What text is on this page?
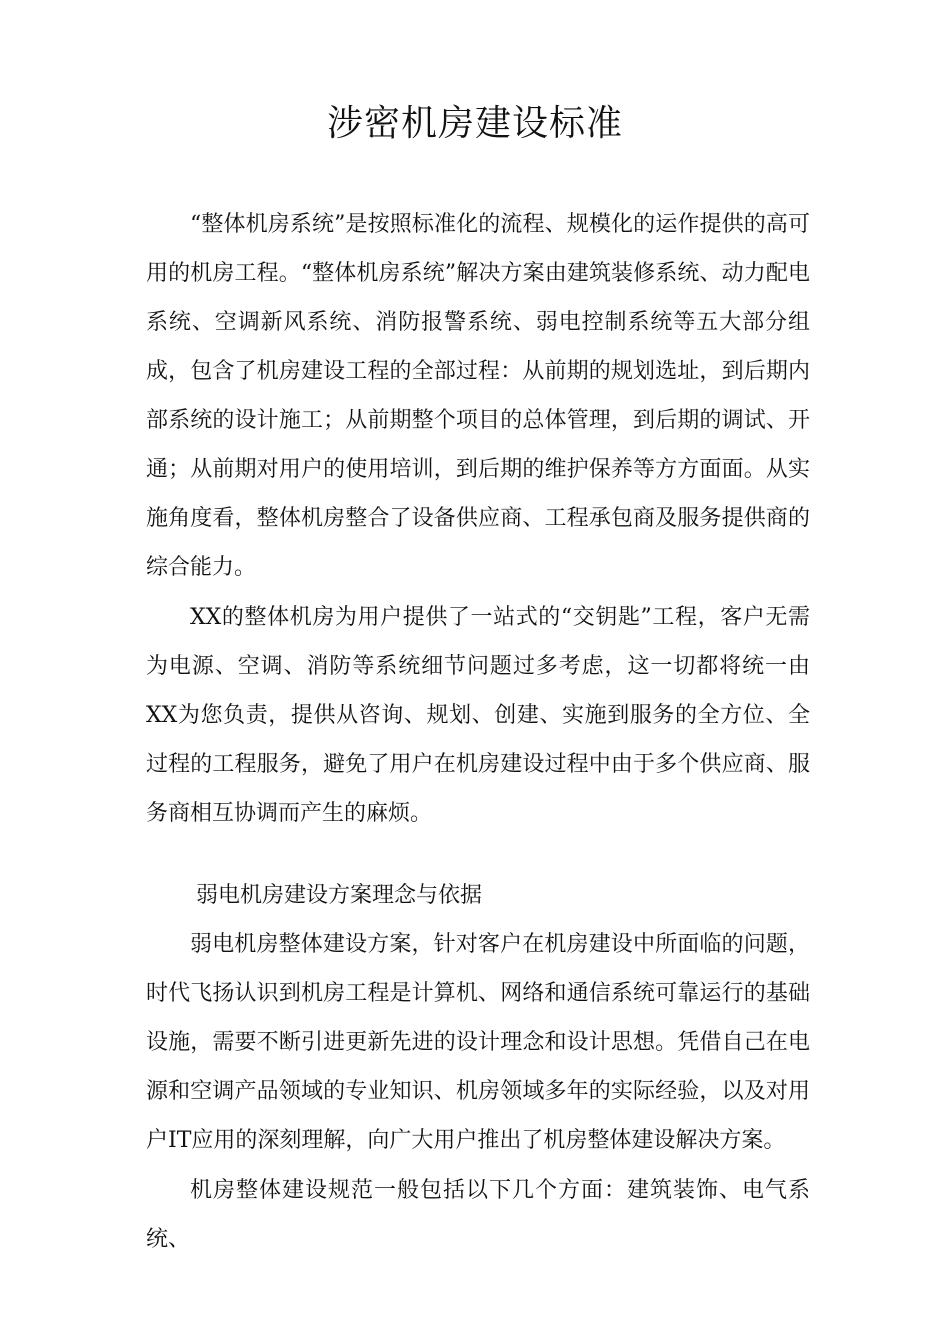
涉密机房建设标准

“整体机房系统”是按照标准化的流程、规模化的运作提供的高可用的机房工程。“整体机房系统”解决方案由建筑装修系统、动力配电系统、空调新风系统、消防报警系统、弱电控制系统等五大部分组成，包含了机房建设工程的全部过程：从前期的规划选址，到后期内部系统的设计施工；从前期整个项目的总体管理，到后期的调试、开通；从前期对用户的使用培训，到后期的维护保养等方方面面。从实施角度看，整体机房整合了设备供应商、工程承包商及服务提供商的综合能力。

XX的整体机房为用户提供了一站式的“交钥匙”工程，客户无需为电源、空调、消防等系统细节问题过多考虑，这一切都将统一由XX为您负责，提供从咨询、规划、创建、实施到服务的全方位、全过程的工程服务，避免了用户在机房建设过程中由于多个供应商、服务商相互协调而产生的麻烦。

弱电机房建设方案理念与依据

弱电机房整体建设方案，针对客户在机房建设中所面临的问题，时代飞扬认识到机房工程是计算机、网络和通信系统可靠运行的基础设施，需要不断引进更新先进的设计理念和设计思想。凭借自己在电源和空调产品领域的专业知识、机房领域多年的实际经验，以及对用户IT应用的深刻理解，向广大用户推出了机房整体建设解决方案。

机房整体建设规范一般包括以下几个方面：建筑装饰、电气系统、
